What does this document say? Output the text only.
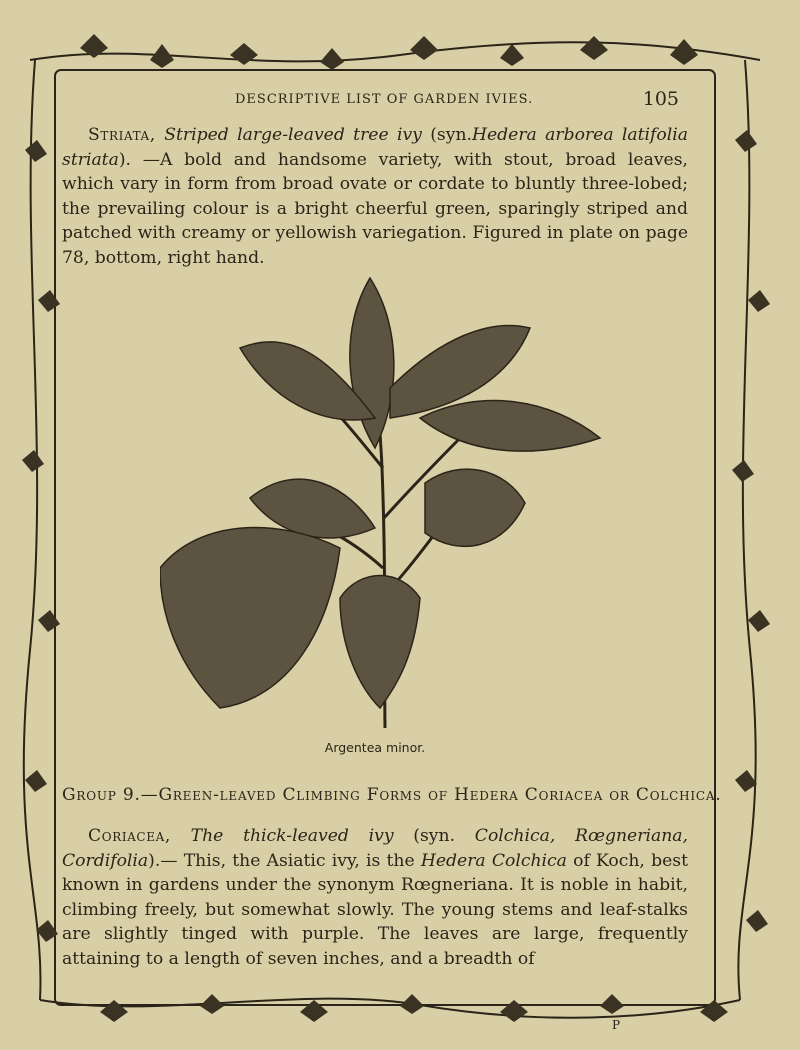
DESCRIPTIVE LIST OF GARDEN IVIES.	105

Striata, Striped large-leaved tree ivy (syn.Hedera arborea latifolia striata). —A bold and handsome variety, with stout, broad leaves, which vary in form from broad ovate or cordate to bluntly three-lobed; the prevailing colour is a bright cheerful green, sparingly striped and patched with creamy or yellowish variegation. Figured in plate on page 78, bottom, right hand.

Argentea minor.
Group 9.—Green-leaved Climbing Forms of Hedera Coriacea or Colchica.

Coriacea, The thick-leaved ivy (syn. Colchica, Rœgneriana, Cordifolia).— This, the Asiatic ivy, is the Hedera Colchica of Koch, best known in gardens under the synonym Rœgneriana. It is noble in habit, climbing freely, but somewhat slowly. The young stems and leaf-stalks are slightly tinged with purple. The leaves are large, frequently attaining to a length of seven inches, and a breadth of

P
